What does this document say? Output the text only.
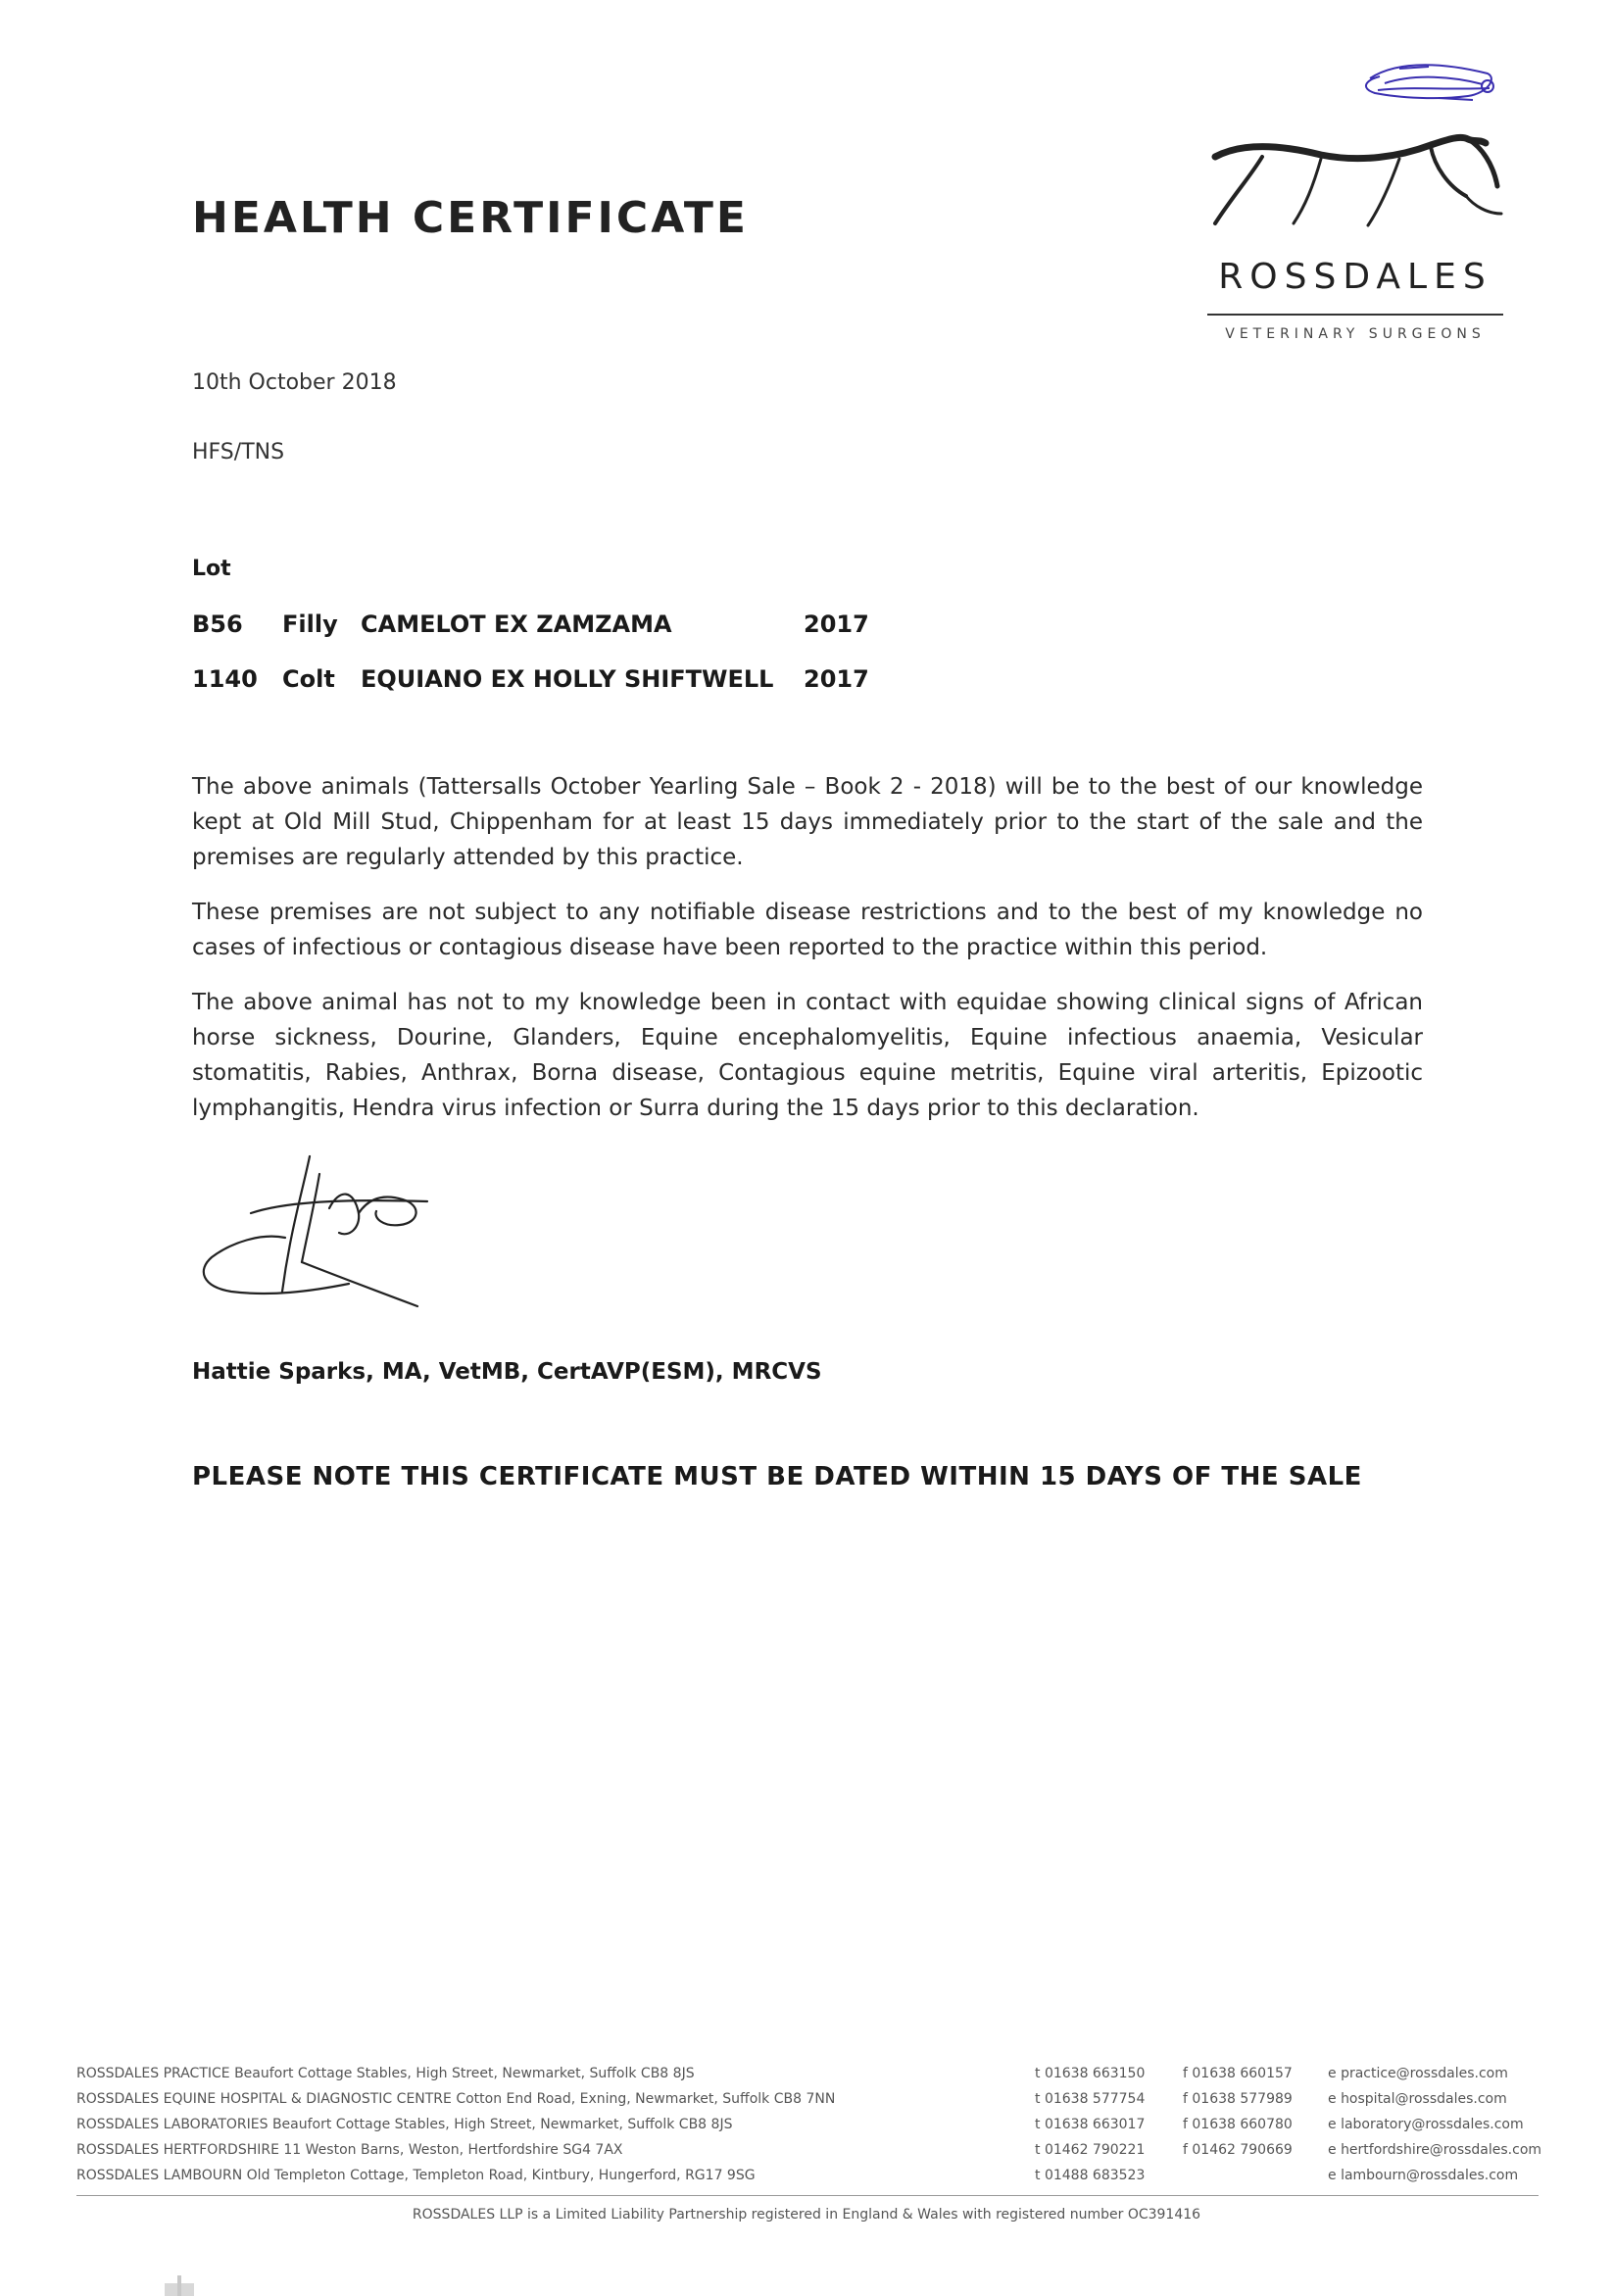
HEALTH CERTIFICATE
ROSSDALES
VETERINARY SURGEONS
10th October 2018
HFS/TNS
Lot
B56 Filly CAMELOT EX ZAMZAMA	2017
1140 Colt EQUIANO EX HOLLY SHIFTWELL 2017
The above animals (Tattersalls October Yearling Sale – Book 2 - 2018) will be to the best of our knowledge kept at Old Mill Stud, Chippenham for at least 15 days immediately prior to the start of the sale and the premises are regularly attended by this practice.
These premises are not subject to any notifiable disease restrictions and to the best of my knowledge no cases of infectious or contagious disease have been reported to the practice within this period.
The above animal has not to my knowledge been in contact with equidae showing clinical signs of African horse sickness, Dourine, Glanders, Equine encephalomyelitis, Equine infectious anaemia, Vesicular stomatitis, Rabies, Anthrax, Borna disease, Contagious equine metritis, Equine viral arteritis, Epizootic lymphangitis, Hendra virus infection or Surra during the 15 days prior to this declaration.
Hattie Sparks, MA, VetMB, CertAVP(ESM), MRCVS
PLEASE NOTE THIS CERTIFICATE MUST BE DATED WITHIN 15 DAYS OF THE SALE
ROSSDALES PRACTICE Beaufort Cottage Stables, High Street, Newmarket, Suffolk CB8 8JS	t 01638 663150	f 01638 660157	e practice@rossdales.com
ROSSDALES EQUINE HOSPITAL & DIAGNOSTIC CENTRE Cotton End Road, Exning, Newmarket, Suffolk CB8 7NN	t 01638 577754	f 01638 577989	e hospital@rossdales.com
ROSSDALES LABORATORIES Beaufort Cottage Stables, High Street, Newmarket, Suffolk CB8 8JS	t 01638 663017	f 01638 660780	e laboratory@rossdales.com
ROSSDALES HERTFORDSHIRE 11 Weston Barns, Weston, Hertfordshire SG4 7AX	t 01462 790221	f 01462 790669	e hertfordshire@rossdales.com
ROSSDALES LAMBOURN Old Templeton Cottage, Templeton Road, Kintbury, Hungerford, RG17 9SG	t 01488 683523	e lambourn@rossdales.com
ROSSDALES LLP is a Limited Liability Partnership registered in England & Wales with registered number OC391416
